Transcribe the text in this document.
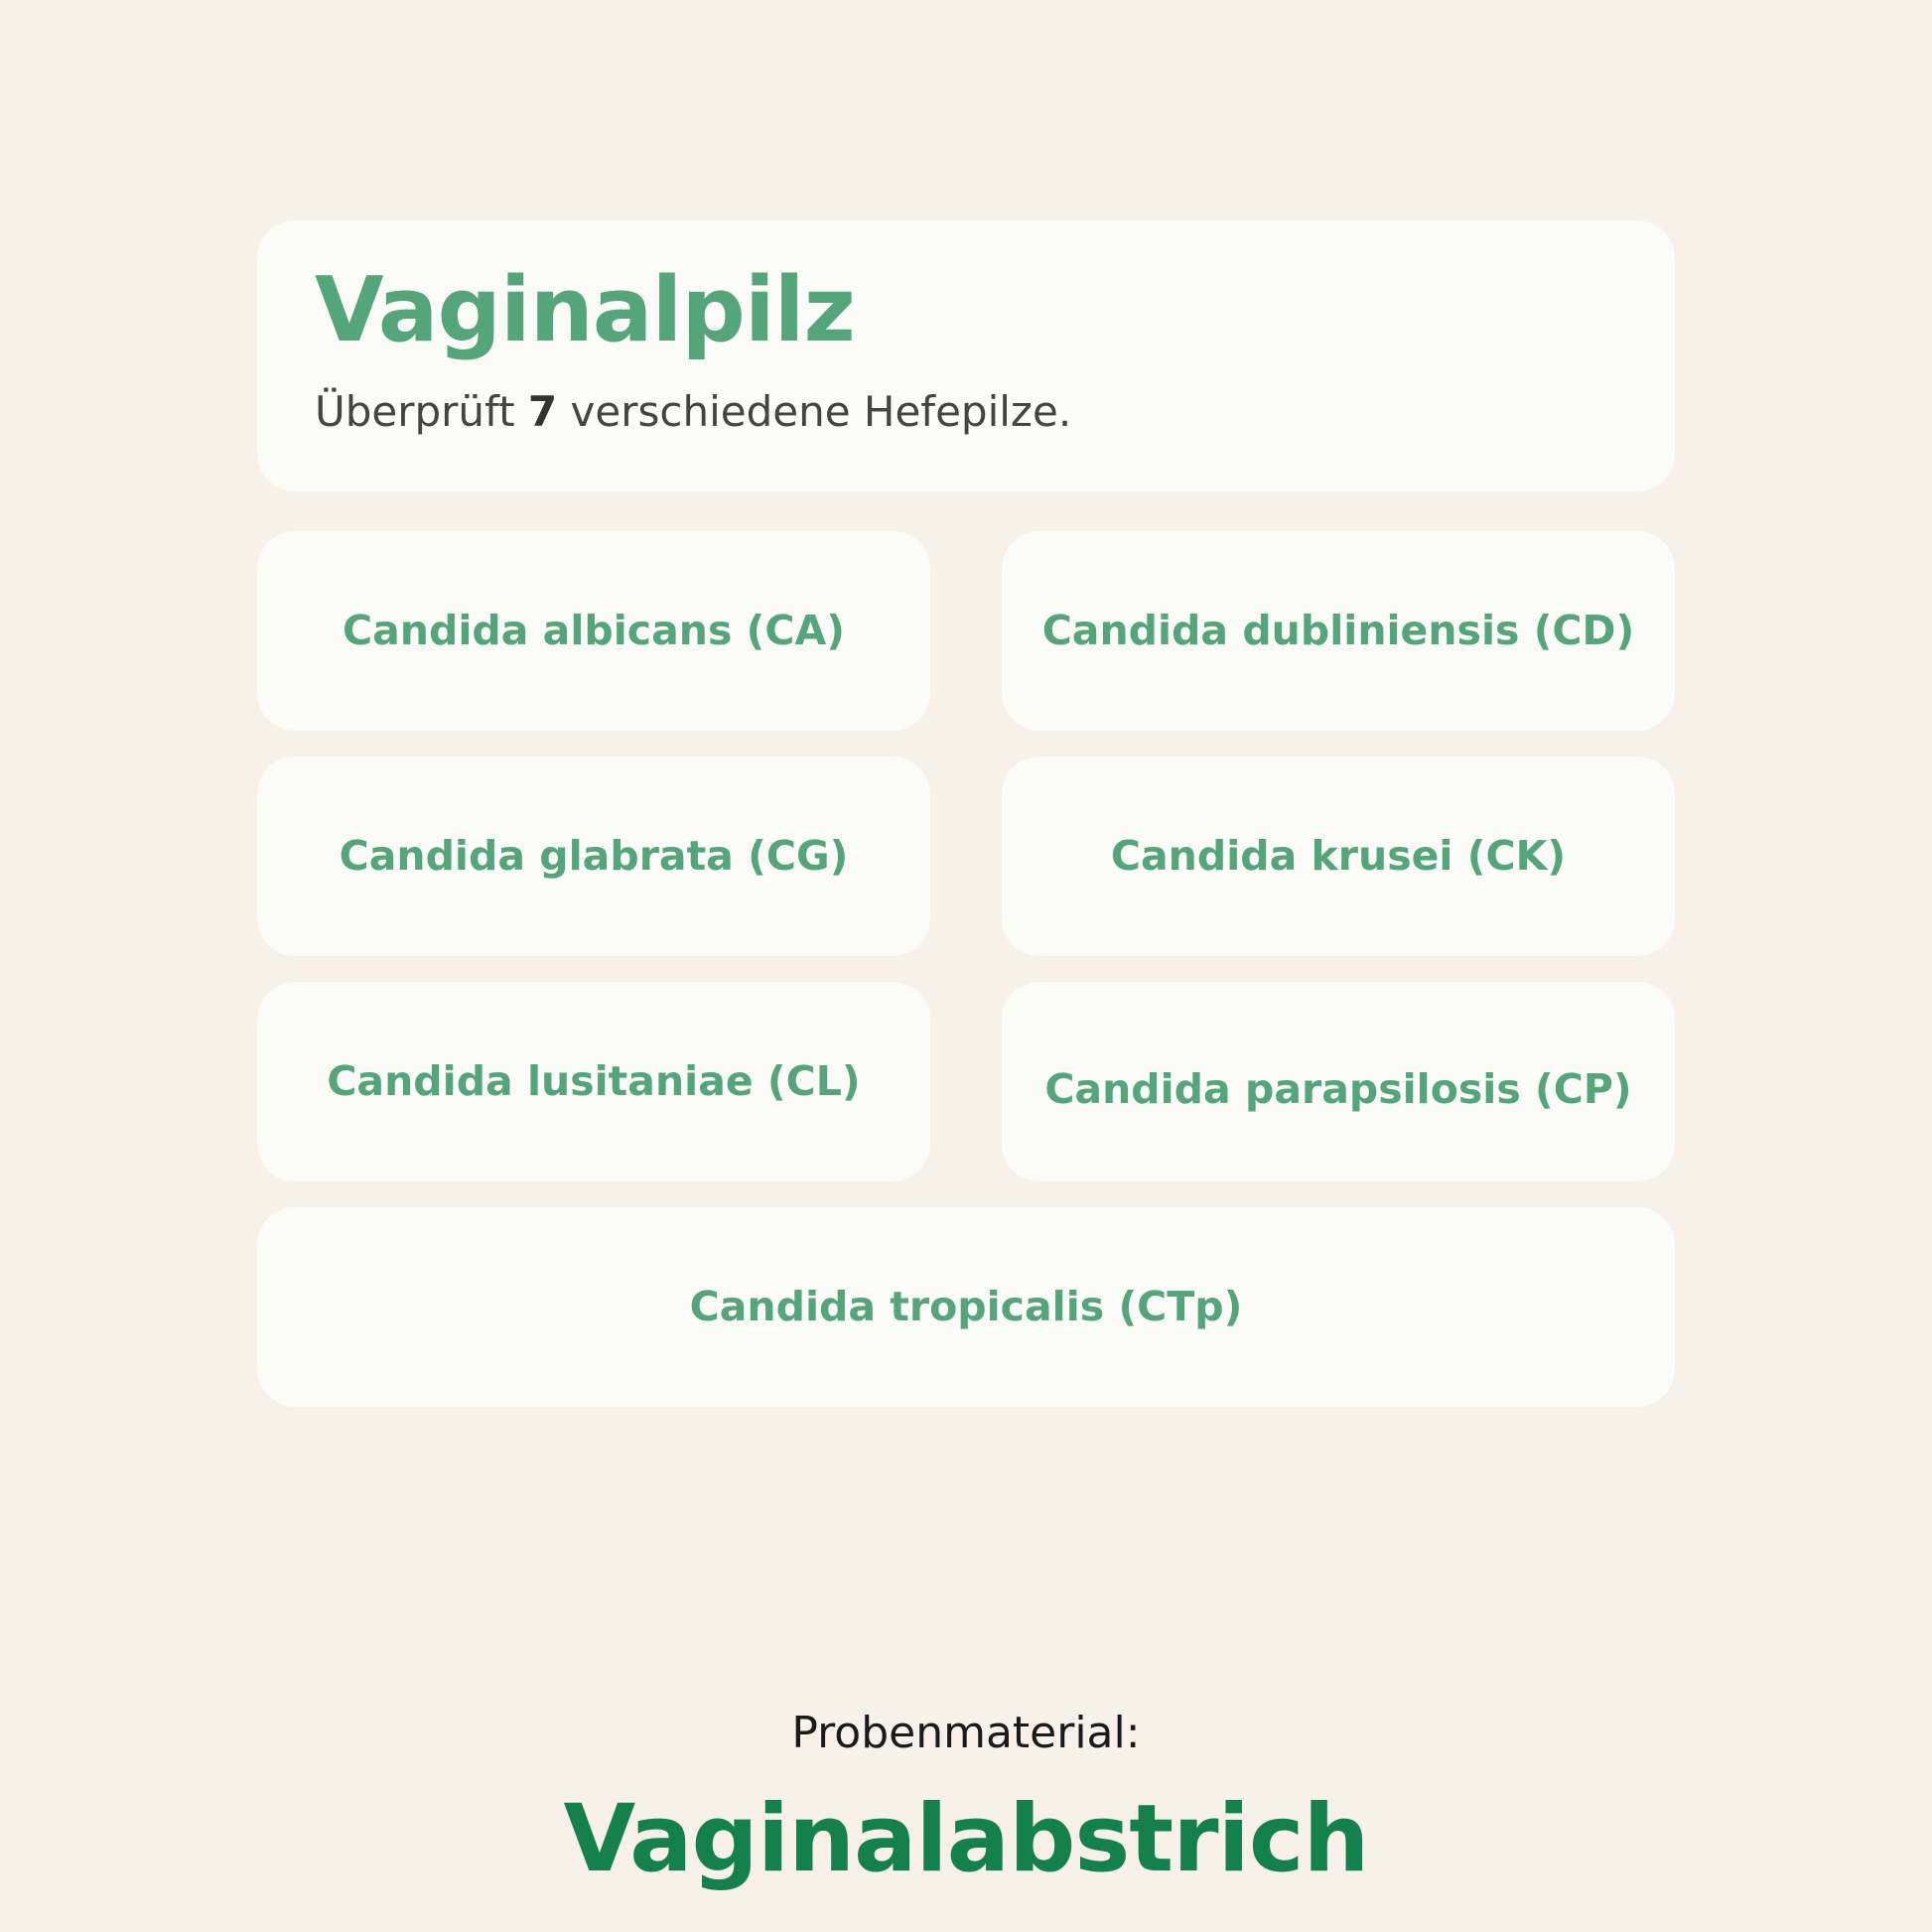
Vaginalpilz

Überprüft 7 verschiedene Hefepilze.

Candida albicans (CA)	Candida dubliniensis (CD)
Candida glabrata (CG)	Candida krusei (CK)
Candida lusitaniae (CL)	Candida parapsilosis (CP)
Candida tropicalis (CTp)
Probenmaterial:
Vaginalabstrich
